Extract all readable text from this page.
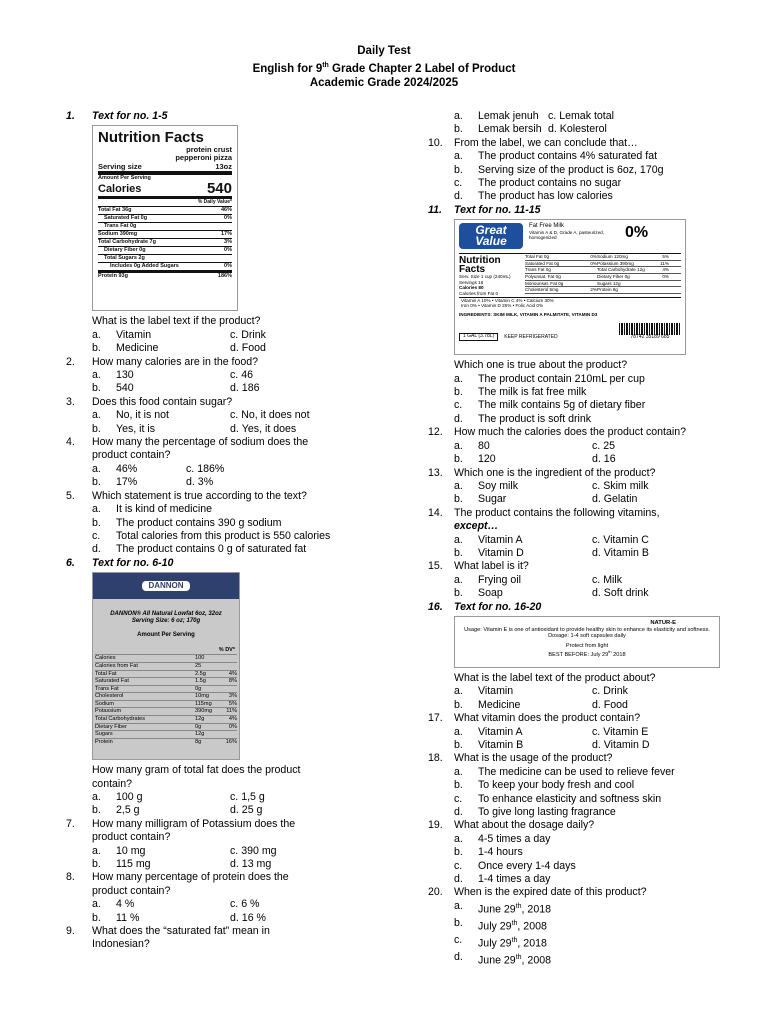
Daily Test
English for 9th Grade Chapter 2 Label of Product
Academic Grade 2024/2025
1.	Text for no. 1-5
Nutrition Facts
protein crust pepperoni pizza
Serving size	13oz
Amount Per Serving
Calories	540
% Daily Value*
Total Fat 36g	46%
Saturated Fat 0g	0%
Trans Fat 0g
Sodium 390mg	17%
Total Carbohydrate 7g	3%
Dietary Fiber 0g	0%
Total Sugars 2g
Includes 0g Added Sugars	0%
Protein 93g	186%
What is the label text if the product?
a.	Vitamin	c.
Drink
b.	Medicine	d.
Food
2.	How many calories are in the food?
a.	130	c.
46
b.	540	d.
186
3.	Does this food contain sugar?
a.	No, it is not	c.
No, it does not
b.	Yes, it is	d.
Yes, it does
4.	How many the percentage of sodium does the product contain?
a.	46%	c.
186%
b.	17%	d.
3%
5.	Which statement is true according to the text?
a.	It is kind of medicine
b.	The product contains 390 g sodium
c.	Total calories from this product is 550 calories
d.	The product contains 0 g of saturated fat
6.	Text for no. 6-10
DANNON
DANNON® All Natural Lowfat 6oz, 32oz
Serving Size: 6 oz; 170g
Amount Per Serving
% DV*
Calories	100
Calories from Fat	25
Total Fat	2.5g	4%
Saturated Fat	1.5g	8%
Trans Fat	0g
Cholesterol	10mg	3%
Sodium	115mg	5%
Potassium	390mg	11%
Total Carbohydrates	12g	4%
Dietary Fiber	0g	0%
Sugars	12g
Protein	8g	16%
How many gram of total fat does the product contain?
a.	100 g	c.
1,5 g
b.	2,5 g	d.
25 g
7.	How many milligram of Potassium does the product contain?
a.	10 mg	c.
390 mg
b.	115 mg	d.
13 mg
8.	How many percentage of protein does the product contain?
a.	4 %	c.
6 %
b.	11 %	d.
16 %
9.	What does the “saturated fat” mean in Indonesian?
a.	Lemak jenuh c.
Lemak total
b.	Lemak bersih d.
Kolesterol
10.	From the label, we can conclude that…
a.	The product contains 4% saturated fat
b.	Serving size of the product is 6oz, 170g
c.	The product contains no sugar
d.	The product has low calories
11.	Text for no. 11-15
Great
Value
Fat Free Milk
Vitamin A & D, Grade A, pasteurized, homogenized	0%
Nutrition
Facts
Serv. Size 1 cup (240mL)
Servings 16
Calories 80
Calories from Fat 0
Total Fat 0g	0% Sodium 120mg	5%
Saturated Fat 0g	0% Potassium 390mg	11%
Trans Fat 0g	Total Carbohydrate 12g	4%
Polyunsat. Fat 0g	Dietary Fiber 0g	0%
Monounsat. Fat 0g	Sugars 12g
Cholesterol 5mg	2% Protein 8g
Vitamin A 10% • Vitamin C 4% • Calcium 30%
Iron 0% • Vitamin D 25% • Folic Acid 0%
INGREDIENTS: SKIM MILK, VITAMIN A PALMITATE, VITAMIN D3
1 GAL (3.78L)	KEEP REFRIGERATED	78742 35189 685
Which one is true about the product?
a.	The product contain 210mL per cup
b.	The milk is fat free milk
c.	The milk contains 5g of dietary fiber
d.	The product is soft drink
12.	How much the calories does the product contain?
a.	80	c.
25
b.	120	d.
16
13.	Which one is the ingredient of the product?
a.	Soy milk	c.
Skim milk
b.	Sugar	d.
Gelatin
14.	The product contains the following vitamins,
except…
a.	Vitamin A	c.
Vitamin C
b.	Vitamin D	d.
Vitamin B
15.	What label is it?
a.	Frying oil	c.
Milk
b.	Soap	d.
Soft drink
16.	Text for no. 16-20
NATUR-E
Usage: Vitamin E is one of antioxidant to provide healthy skin to enhance its elasticity and softness.
Dosage: 1-4 soft capsules daily
Protect from light
BEST BEFORE: July 29th 2018
What is the label text of the product about?
a.	Vitamin	c.
Drink
b.	Medicine	d.
Food
17.	What vitamin does the product contain?
a.	Vitamin A	c.
Vitamin E
b.	Vitamin B	d.
Vitamin D
18.	What is the usage of the product?
a.	The medicine can be used to relieve fever
b.	To keep your body fresh and cool
c.	To enhance elasticity and softness skin
d.	To give long lasting fragrance
19.	What about the dosage daily?
a.	4-5 times a day
b.	1-4 hours
c.	Once every 1-4 days
d.	1-4 times a day
20.	When is the expired date of this product?
a.	June 29th, 2018
b.	July 29th, 2008
c.	July 29th, 2018
d.	June 29th, 2008
